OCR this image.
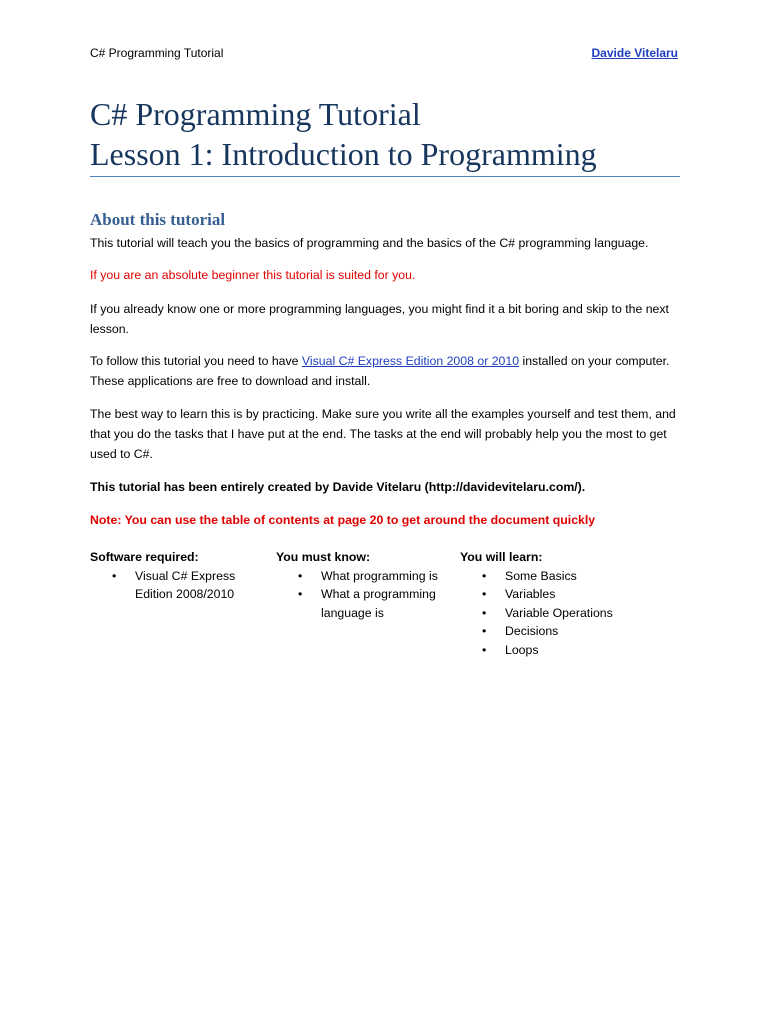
C# Programming Tutorial	Davide Vitelaru
C# Programming Tutorial
Lesson 1: Introduction to Programming
About this tutorial
This tutorial will teach you the basics of programming and the basics of the C# programming language.
If you are an absolute beginner this tutorial is suited for you.
If you already know one or more programming languages, you might find it a bit boring and skip to the next lesson.
To follow this tutorial you need to have Visual C# Express Edition 2008 or 2010 installed on your computer. These applications are free to download and install.
The best way to learn this is by practicing. Make sure you write all the examples yourself and test them, and that you do the tasks that I have put at the end. The tasks at the end will probably help you the most to get used to C#.
This tutorial has been entirely created by Davide Vitelaru (http://davidevitelaru.com/).
Note: You can use the table of contents at page 20 to get around the document quickly
Software required:
• Visual C# Express Edition 2008/2010
You must know:
• What programming is
• What a programming language is
You will learn:
• Some Basics
• Variables
• Variable Operations
• Decisions
• Loops
